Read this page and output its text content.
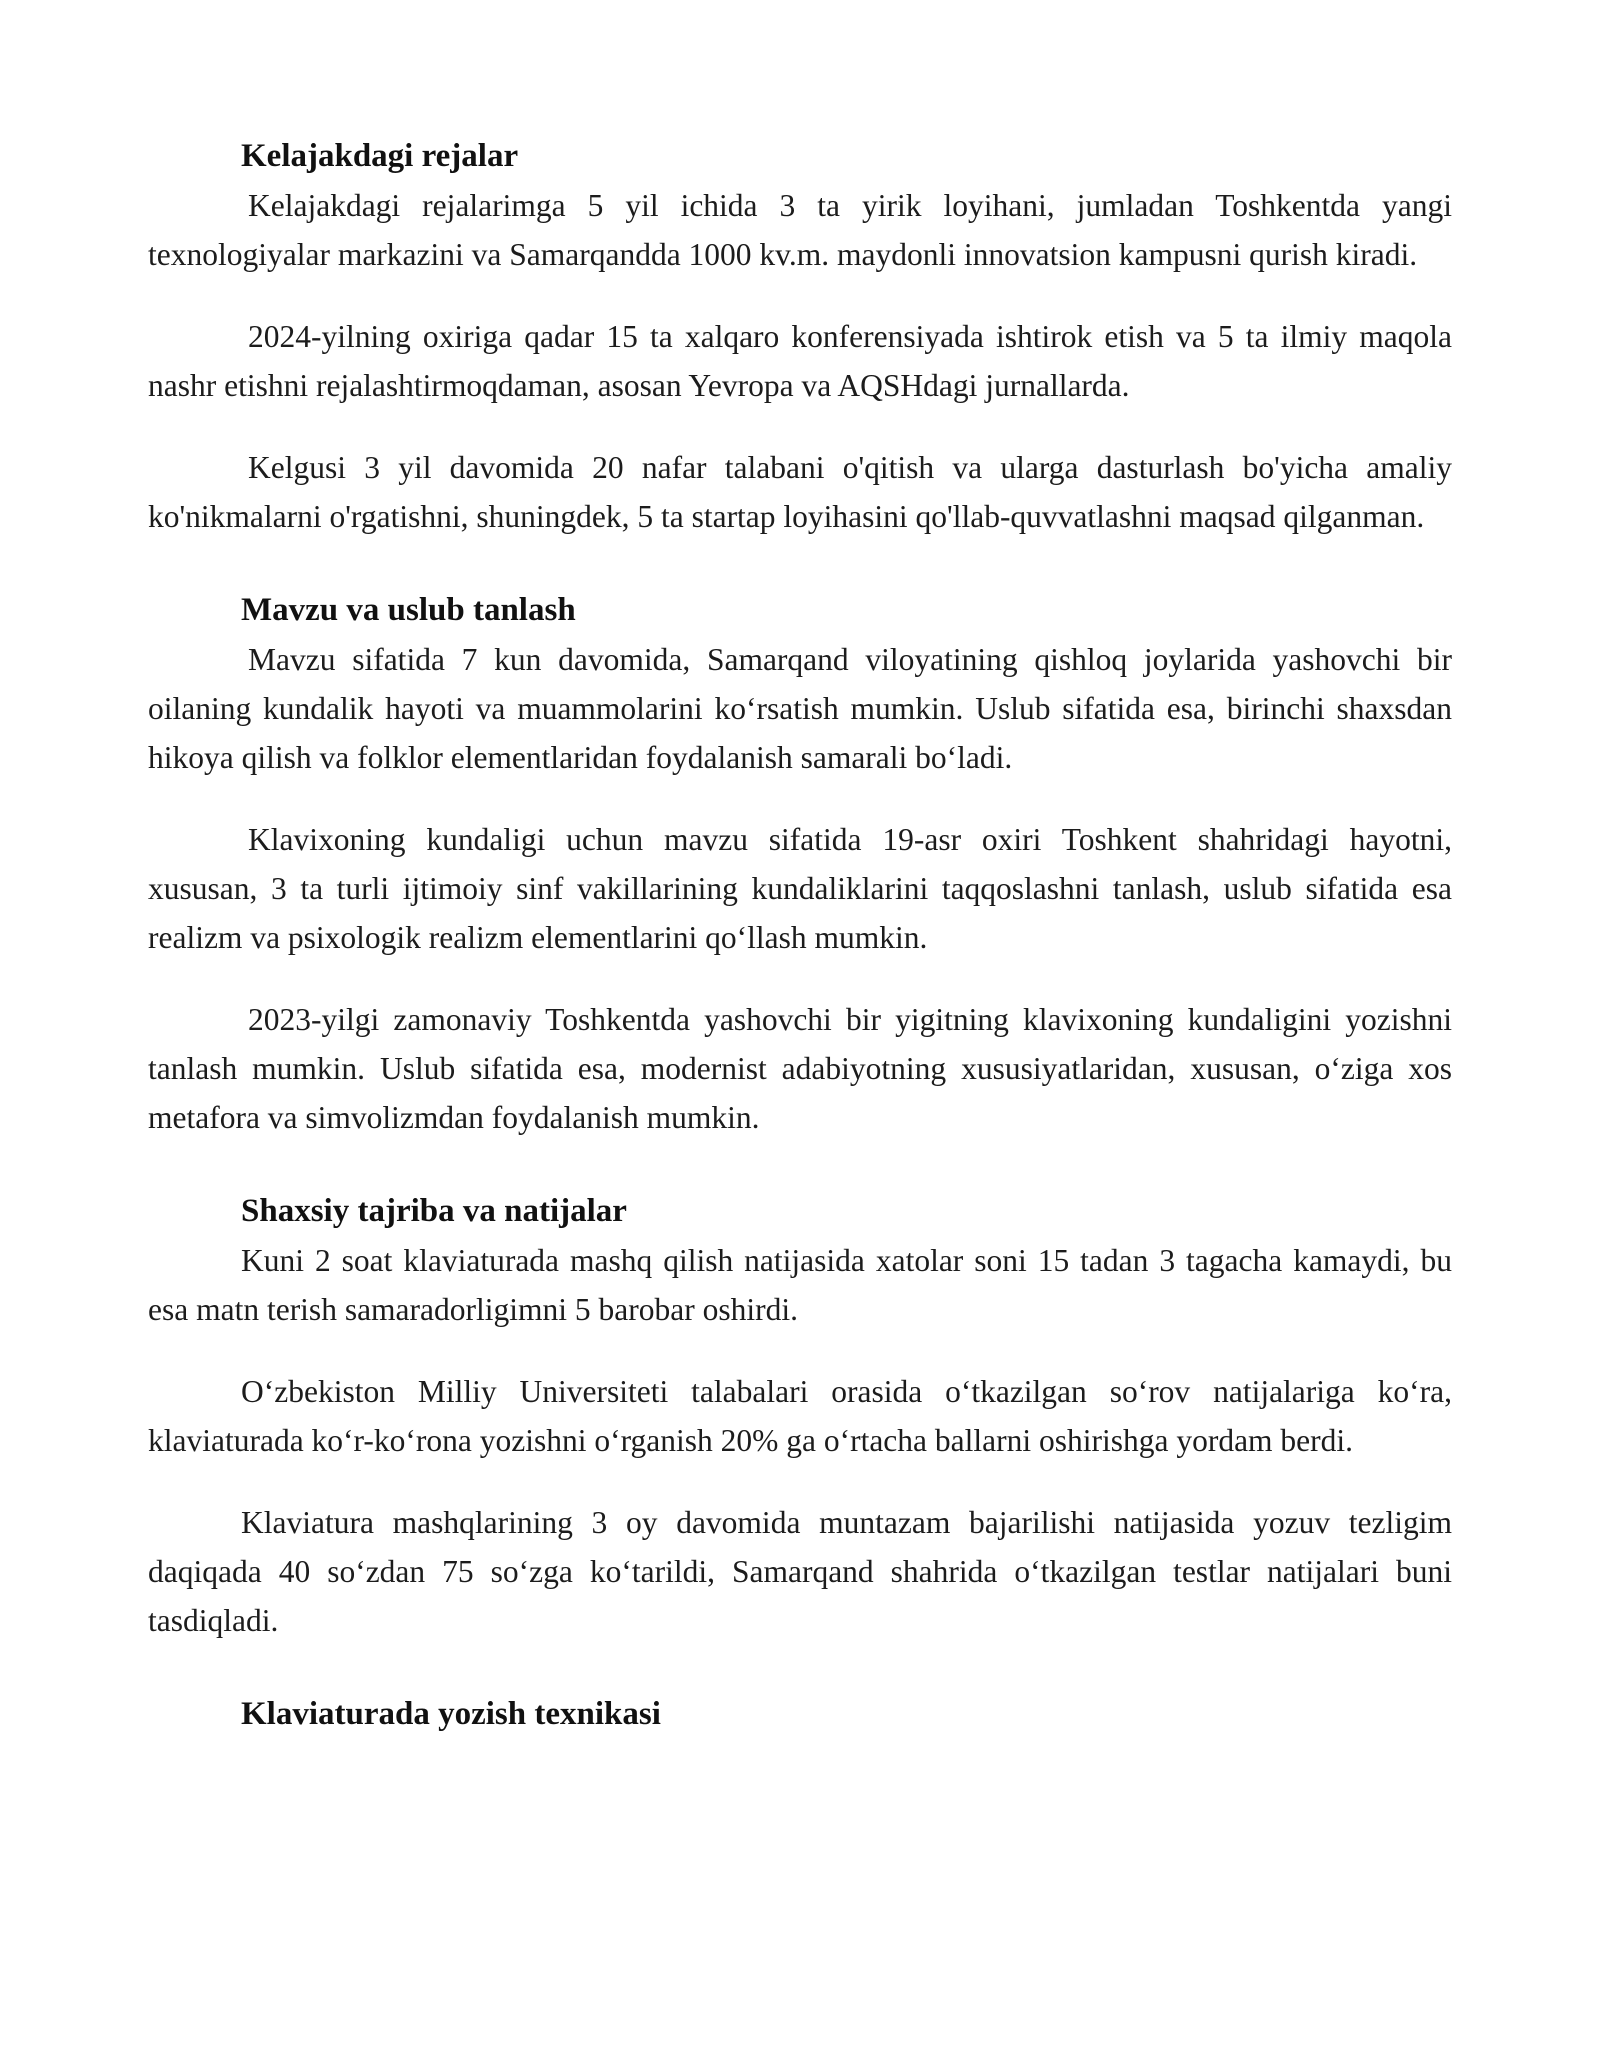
Kelajakdagi rejalar

Kelajakdagi rejalarimga 5 yil ichida 3 ta yirik loyihani, jumladan Toshkentda yangi texnologiyalar markazini va Samarqandda 1000 kv.m. maydonli innovatsion kampusni qurish kiradi.

2024-yilning oxiriga qadar 15 ta xalqaro konferensiyada ishtirok etish va 5 ta ilmiy maqola nashr etishni rejalashtirmoqdaman, asosan Yevropa va AQSHdagi jurnallarda.

Kelgusi 3 yil davomida 20 nafar talabani o'qitish va ularga dasturlash bo'yicha amaliy ko'nikmalarni o'rgatishni, shuningdek, 5 ta startap loyihasini qo'llab-quvvatlashni maqsad qilganman.

Mavzu va uslub tanlash

Mavzu sifatida 7 kun davomida, Samarqand viloyatining qishloq joylarida yashovchi bir oilaning kundalik hayoti va muammolarini koʻrsatish mumkin. Uslub sifatida esa, birinchi shaxsdan hikoya qilish va folklor elementlaridan foydalanish samarali boʻladi.

Klavixoning kundaligi uchun mavzu sifatida 19-asr oxiri Toshkent shahridagi hayotni, xususan, 3 ta turli ijtimoiy sinf vakillarining kundaliklarini taqqoslashni tanlash, uslub sifatida esa realizm va psixologik realizm elementlarini qoʻllash mumkin.

2023-yilgi zamonaviy Toshkentda yashovchi bir yigitning klavixoning kundaligini yozishni tanlash mumkin. Uslub sifatida esa, modernist adabiyotning xususiyatlaridan, xususan, oʻziga xos metafora va simvolizmdan foydalanish mumkin.

Shaxsiy tajriba va natijalar

Kuni 2 soat klaviaturada mashq qilish natijasida xatolar soni 15 tadan 3 tagacha kamaydi, bu esa matn terish samaradorligimni 5 barobar oshirdi.

Oʻzbekiston Milliy Universiteti talabalari orasida oʻtkazilgan soʻrov natijalariga koʻra, klaviaturada koʻr-koʻrona yozishni oʻrganish 20% ga oʻrtacha ballarni oshirishga yordam berdi.

Klaviatura mashqlarining 3 oy davomida muntazam bajarilishi natijasida yozuv tezligim daqiqada 40 soʻzdan 75 soʻzga koʻtarildi, Samarqand shahrida oʻtkazilgan testlar natijalari buni tasdiqladi.

Klaviaturada yozish texnikasi
